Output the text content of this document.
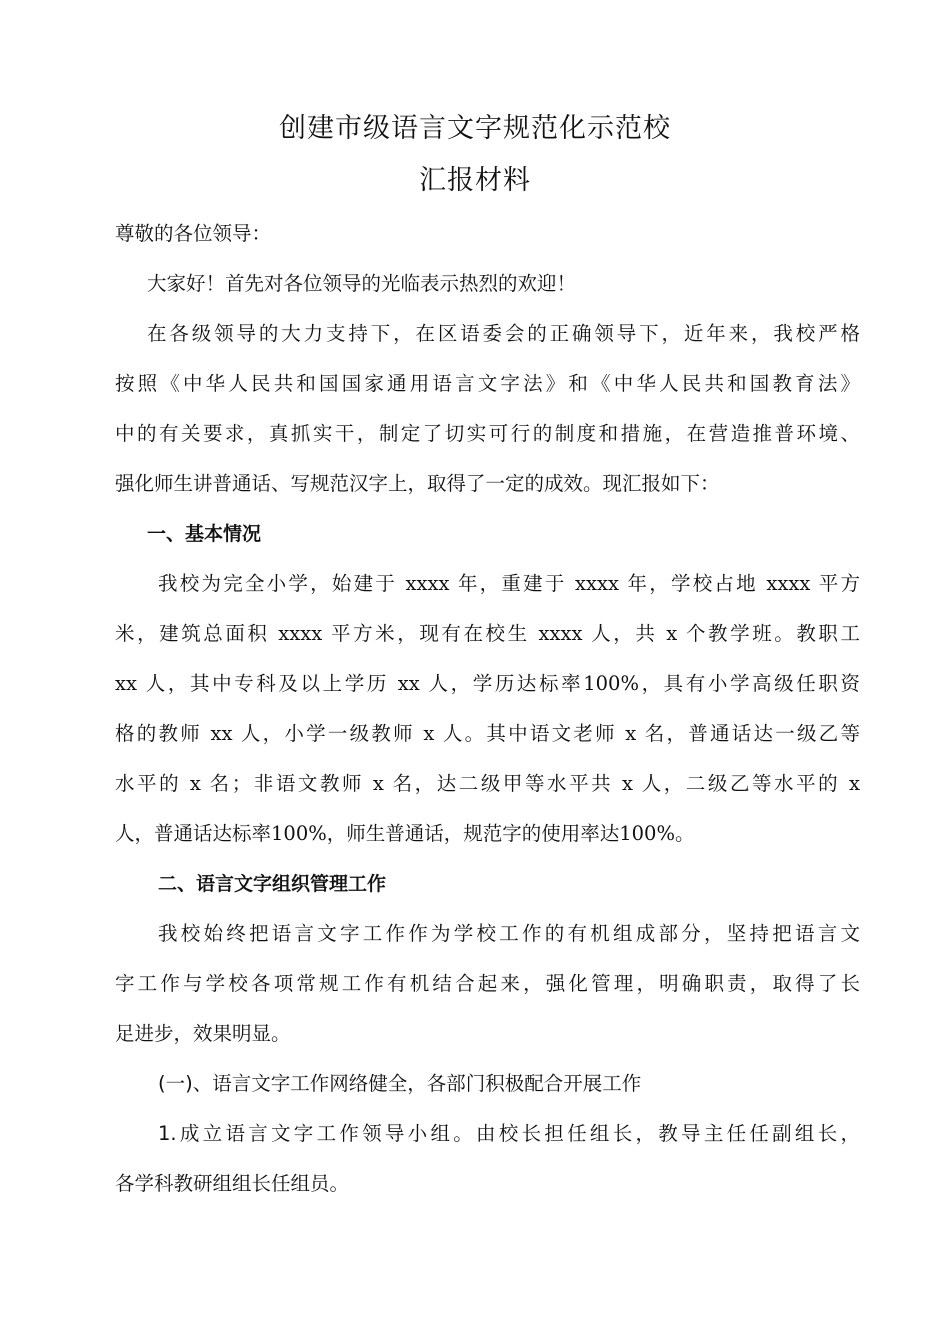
创建市级语言文字规范化示范校
汇报材料
尊敬的各位领导：
大家好！首先对各位领导的光临表示热烈的欢迎！
在各级领导的大力支持下，在区语委会的正确领导下，近年来，我校严格
按照《中华人民共和国国家通用语言文字法》和《中华人民共和国教育法》
中的有关要求，真抓实干，制定了切实可行的制度和措施，在营造推普环境、
强化师生讲普通话、写规范汉字上，取得了一定的成效。现汇报如下：
一、基本情况
我校为完全小学，始建于 xxxx 年，重建于 xxxx 年，学校占地 xxxx 平方
米，建筑总面积 xxxx 平方米，现有在校生 xxxx 人，共 x 个教学班。教职工
xx 人，其中专科及以上学历 xx 人，学历达标率100%，具有小学高级任职资
格的教师 xx 人，小学一级教师 x 人。其中语文老师 x 名，普通话达一级乙等
水平的 x 名；非语文教师 x 名，达二级甲等水平共 x 人，二级乙等水平的 x
人，普通话达标率100%，师生普通话，规范字的使用率达100%。
二、语言文字组织管理工作
我校始终把语言文字工作作为学校工作的有机组成部分，坚持把语言文
字工作与学校各项常规工作有机结合起来，强化管理，明确职责，取得了长
足进步，效果明显。
(一)、语言文字工作网络健全，各部门积极配合开展工作
1.成立语言文字工作领导小组。由校长担任组长，教导主任任副组长，
各学科教研组组长任组员。
